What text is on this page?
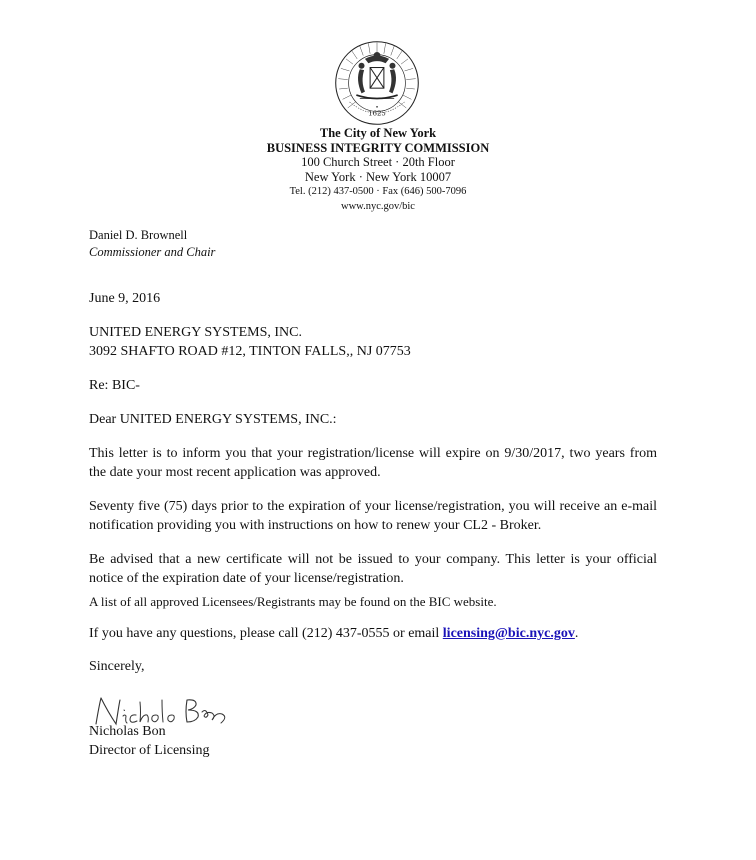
•
1625
The City of New York
BUSINESS INTEGRITY COMMISSION
100 Church Street · 20th Floor
New York · New York 10007
Tel. (212) 437-0500 · Fax (646) 500-7096
www.nyc.gov/bic
Daniel D. Brownell
Commissioner and Chair
June 9, 2016
UNITED ENERGY SYSTEMS, INC.
3092 SHAFTO ROAD #12, TINTON FALLS,, NJ 07753
Re: BIC-
Dear UNITED ENERGY SYSTEMS, INC.:
This letter is to inform you that your registration/license will expire on 9/30/2017, two years from the date your most recent application was approved.
Seventy five (75) days prior to the expiration of your license/registration, you will receive an e-mail notification providing you with instructions on how to renew your CL2 - Broker.
Be advised that a new certificate will not be issued to your company. This letter is your official notice of the expiration date of your license/registration.
A list of all approved Licensees/Registrants may be found on the BIC website.
If you have any questions, please call (212) 437-0555 or email licensing@bic.nyc.gov.
Sincerely,
Nicholas Bon
Director of Licensing
